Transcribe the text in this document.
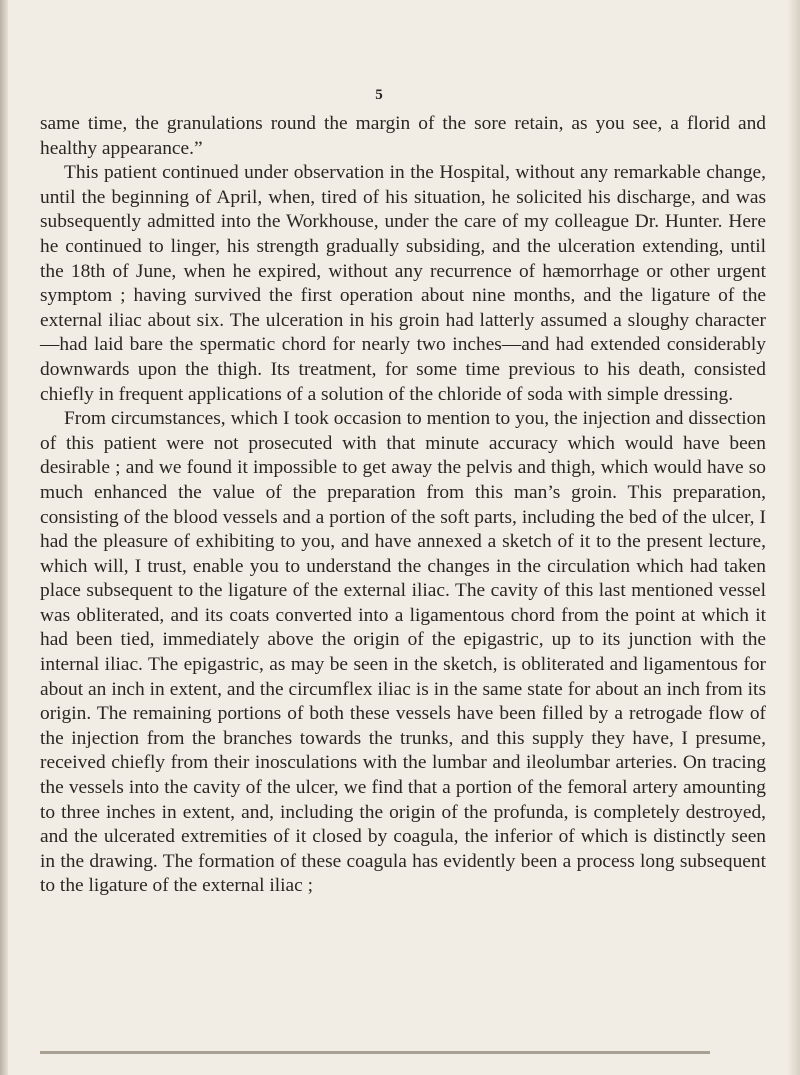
5

same time, the granulations round the margin of the sore retain, as you see, a florid and healthy appearance.”

This patient continued under observation in the Hospital, without any remarkable change, until the beginning of April, when, tired of his situation, he solicited his discharge, and was subsequently admitted into the Workhouse, under the care of my colleague Dr. Hunter. Here he continued to linger, his strength gradually subsiding, and the ulceration extending, until the 18th of June, when he expired, without any recurrence of hæmorrhage or other urgent symptom ; having survived the first operation about nine months, and the ligature of the external iliac about six. The ulceration in his groin had latterly assumed a sloughy character—had laid bare the spermatic chord for nearly two inches—and had extended considerably downwards upon the thigh. Its treatment, for some time previous to his death, consisted chiefly in frequent applications of a solution of the chloride of soda with simple dressing.

From circumstances, which I took occasion to mention to you, the injection and dissection of this patient were not prosecuted with that minute accuracy which would have been desirable ; and we found it impossible to get away the pelvis and thigh, which would have so much enhanced the value of the preparation from this man’s groin. This preparation, consisting of the blood vessels and a portion of the soft parts, including the bed of the ulcer, I had the pleasure of exhibiting to you, and have annexed a sketch of it to the present lecture, which will, I trust, enable you to understand the changes in the circulation which had taken place subsequent to the ligature of the external iliac. The cavity of this last mentioned vessel was obliterated, and its coats converted into a ligamentous chord from the point at which it had been tied, immediately above the origin of the epigastric, up to its junction with the internal iliac. The epigastric, as may be seen in the sketch, is obliterated and ligamentous for about an inch in extent, and the circumflex iliac is in the same state for about an inch from its origin. The remaining portions of both these vessels have been filled by a retrogade flow of the injection from the branches towards the trunks, and this supply they have, I presume, received chiefly from their inosculations with the lumbar and ileolumbar arteries. On tracing the vessels into the cavity of the ulcer, we find that a portion of the femoral artery amounting to three inches in extent, and, including the origin of the profunda, is completely destroyed, and the ulcerated extremities of it closed by coagula, the inferior of which is distinctly seen in the drawing. The formation of these coagula has evidently been a process long subsequent to the ligature of the external iliac ;
